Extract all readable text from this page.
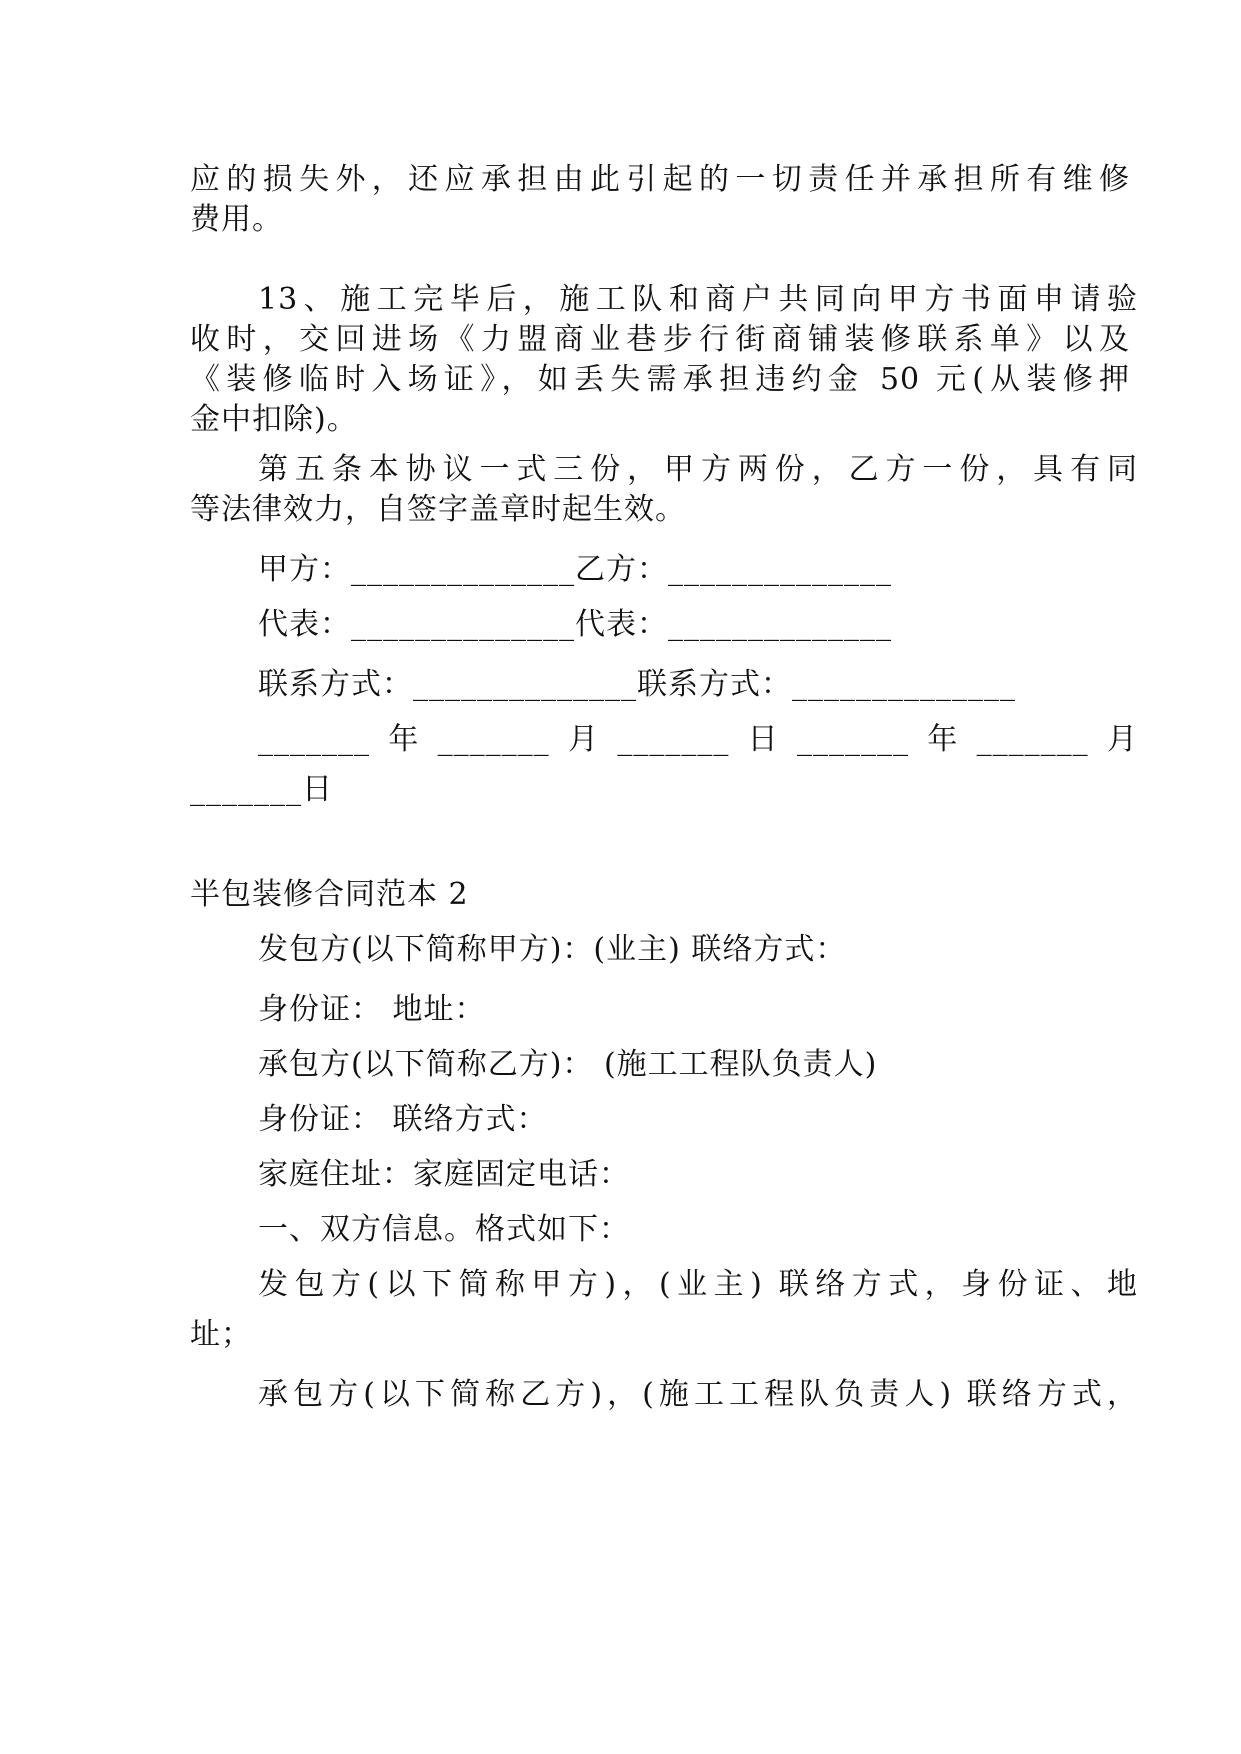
应的损失外，还应承担由此引起的一切责任并承担所有维修
费用。
13、施工完毕后，施工队和商户共同向甲方书面申请验
收时，交回进场《力盟商业巷步行街商铺装修联系单》以及
《装修临时入场证》，如丢失需承担违约金 50 元(从装修押
金中扣除)。
第五条本协议一式三份，甲方两份，乙方一份，具有同
等法律效力，自签字盖章时起生效。
甲方：______________乙方：______________
代表：______________代表：______________
联系方式：______________联系方式：______________
_______年_______月_______日_______年_______月
_______日
半包装修合同范本 2
发包方(以下简称甲方)：(业主) 联络方式：
身份证： 地址：
承包方(以下简称乙方)： (施工工程队负责人)
身份证： 联络方式：
家庭住址：家庭固定电话：
一、双方信息。格式如下：
发包方(以下简称甲方)，(业主) 联络方式，身份证、地
址；
承包方(以下简称乙方)，(施工工程队负责人) 联络方式，
